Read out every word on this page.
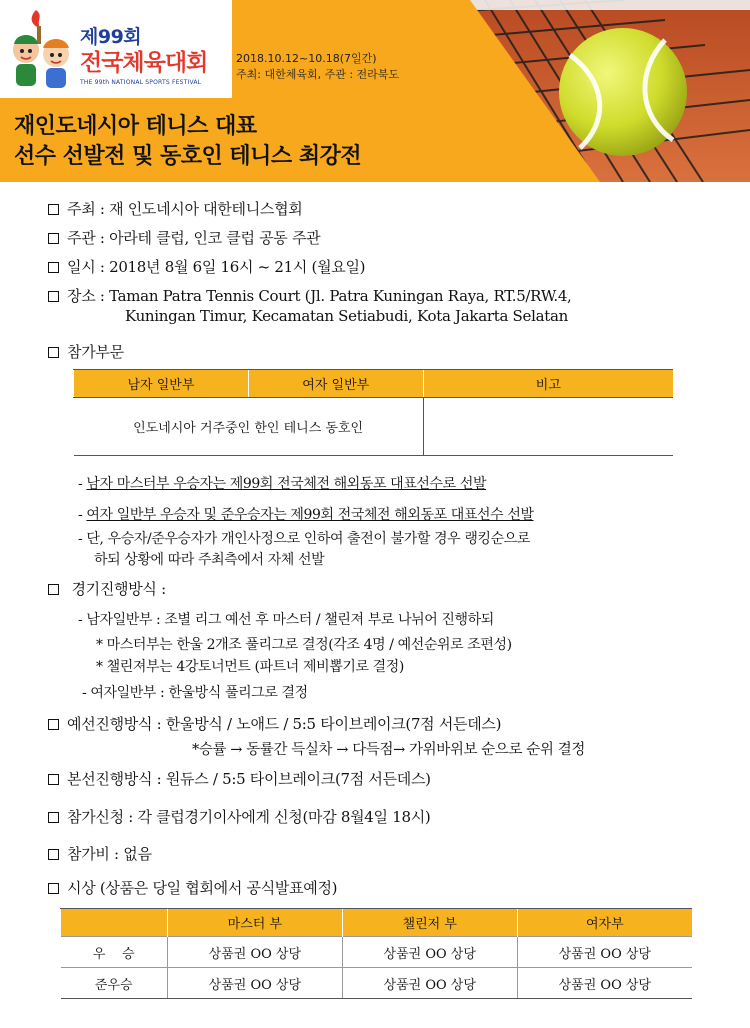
제99회
전국체육대회
THE 99th NATIONAL SPORTS FESTIVAL
2018.10.12~10.18(7일간)
주최: 대한체육회, 주관 : 전라북도
재인도네시아 테니스 대표
선수 선발전 및 동호인 테니스 최강전
주최 : 재 인도네시아 대한테니스협회
주관 : 아라테 클럽, 인코 클럽 공동 주관
일시 : 2018년 8월 6일 16시 ~ 21시 (월요일)
장소 : Taman Patra Tennis Court (Jl. Patra Kuningan Raya, RT.5/RW.4,
Kuningan Timur, Kecamatan Setiabudi, Kota Jakarta Selatan
참가부문
남자 일반부	여자 일반부	비고
인도네시아 거주중인 한인 테니스 동호인		
- 남자 마스터부 우승자는 제99회 전국체전 해외동포 대표선수로 선발
- 여자 일반부 우승자 및 준우승자는 제99회 전국체전 해외동포 대표선수 선발
- 단, 우승자/준우승자가 개인사정으로 인하여 출전이 불가할 경우 랭킹순으로
하되 상황에 따라 주최측에서 자체 선발
경기진행방식 :
- 남자일반부 : 조별 리그 예선 후 마스터 / 챌린져 부로 나뉘어 진행하되
* 마스터부는 한울 2개조 풀리그로 결정(각조 4명 / 예선순위로 조편성)
* 챌린져부는 4강토너먼트 (파트너 제비뽑기로 결정)
- 여자일반부 : 한울방식 풀리그로 결정
예선진행방식 : 한울방식 / 노애드 / 5:5 타이브레이크(7점 서든데스)
*승률 → 동률간 득실차 → 다득점→ 가위바위보 순으로 순위 결정
본선진행방식 : 원듀스 / 5:5 타이브레이크(7점 서든데스)
참가신청 : 각 클럽경기이사에게 신청(마감 8월4일 18시)
참가비 : 없음
시상 (상품은 당일 협회에서 공식발표예정)
	마스터 부	챌린저 부	여자부
우    승	상품권 OO 상당	상품권 OO 상당	상품권 OO 상당
준우승	상품권 OO 상당	상품권 OO 상당	상품권 OO 상당
